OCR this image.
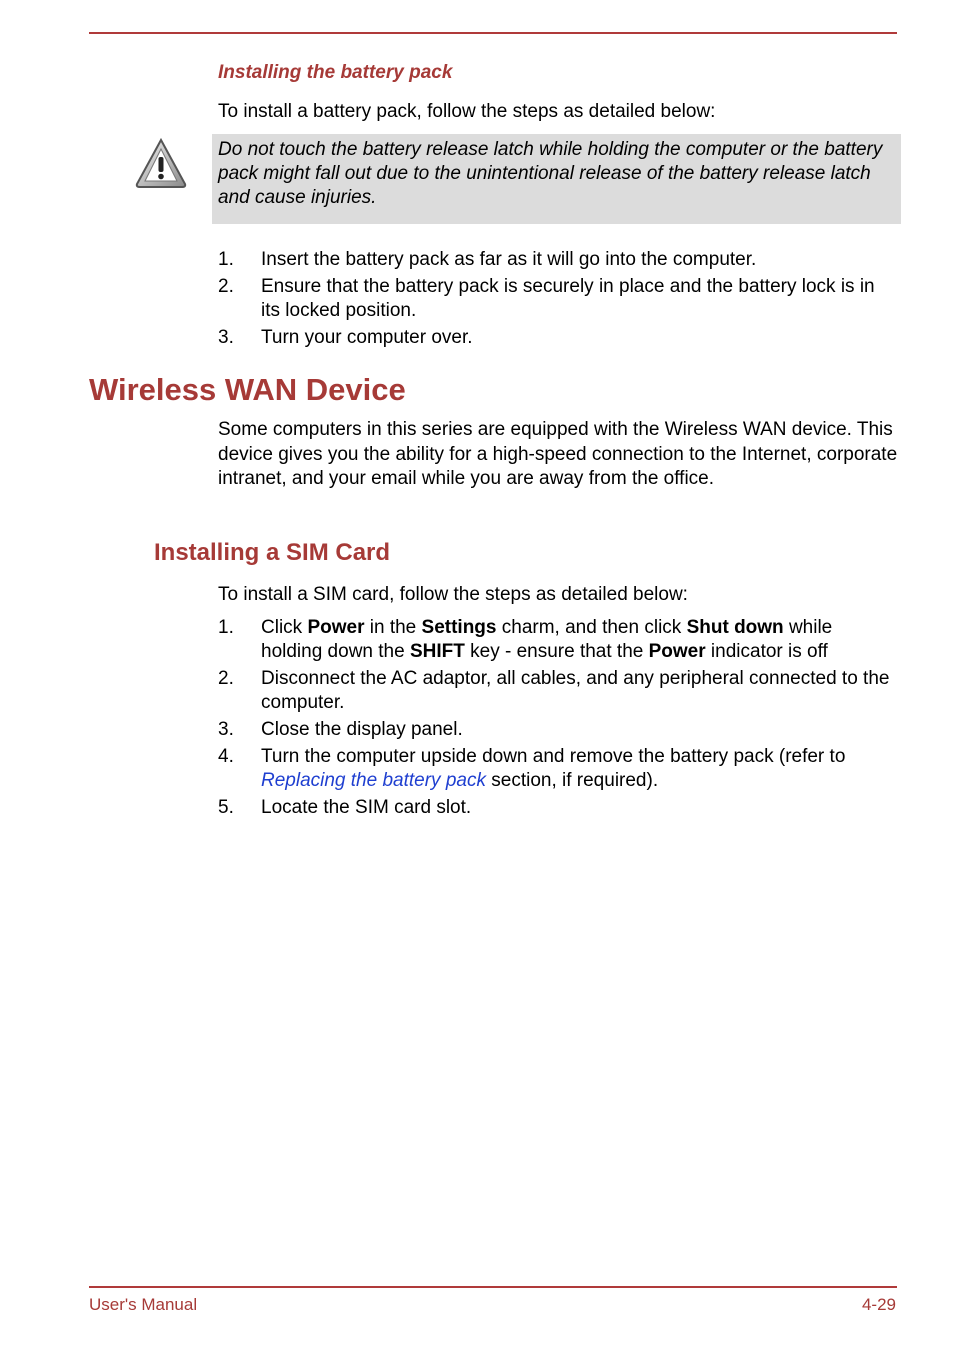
Installing the battery pack
To install a battery pack, follow the steps as detailed below:
Do not touch the battery release latch while holding the computer or the battery pack might fall out due to the unintentional release of the battery release latch and cause injuries.
1. Insert the battery pack as far as it will go into the computer.
2. Ensure that the battery pack is securely in place and the battery lock is in its locked position.
3. Turn your computer over.
Wireless WAN Device
Some computers in this series are equipped with the Wireless WAN device. This device gives you the ability for a high-speed connection to the Internet, corporate intranet, and your email while you are away from the office.
Installing a SIM Card
To install a SIM card, follow the steps as detailed below:
1. Click Power in the Settings charm, and then click Shut down while holding down the SHIFT key - ensure that the Power indicator is off
2. Disconnect the AC adaptor, all cables, and any peripheral connected to the computer.
3. Close the display panel.
4. Turn the computer upside down and remove the battery pack (refer to Replacing the battery pack section, if required).
5. Locate the SIM card slot.
User's Manual	4-29
